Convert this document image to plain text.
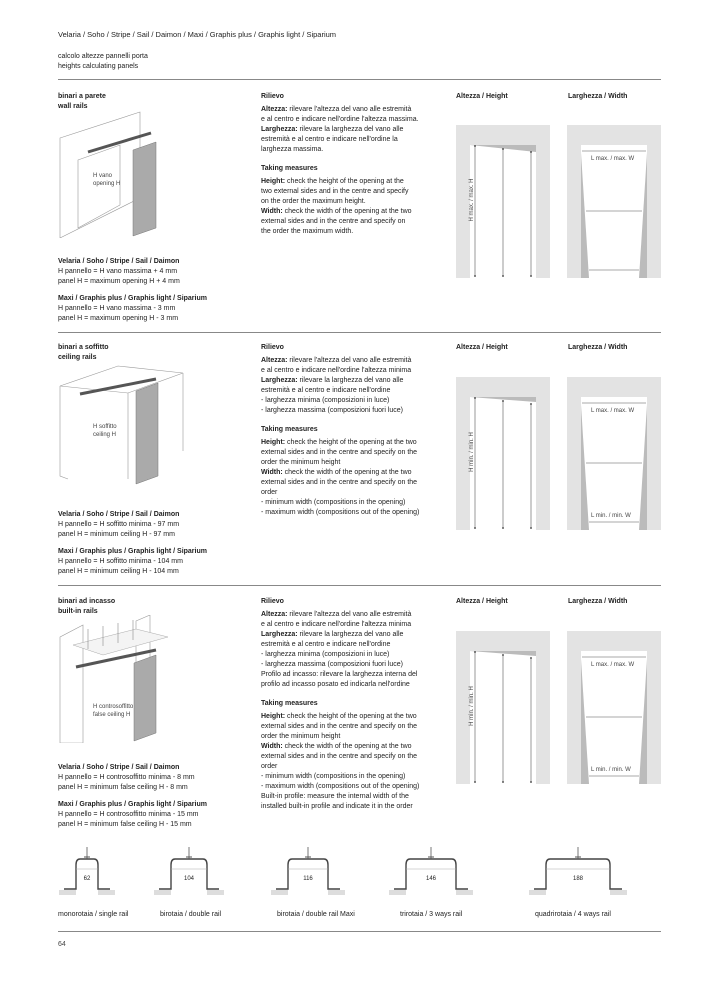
Velaria / Soho / Stripe / Sail / Daimon / Maxi / Graphis plus / Graphis light / Siparium
calcolo altezze pannelli porta
heights calculating panels
binari a parete
wall rails
H vano
opening H
Velaria / Soho / Stripe / Sail / Daimon
H pannello = H vano massima + 4 mm
panel H = maximum opening H + 4 mm
Maxi / Graphis plus / Graphis light / Siparium
H pannello = H vano massima - 3 mm
panel H = maximum opening H - 3 mm
Rilievo
Altezza: rilevare l'altezza del vano alle estremità
e al centro e indicare nell'ordine l'altezza massima.
Larghezza: rilevare la larghezza del vano alle
estremità e al centro e indicare nell'ordine la
larghezza massima.
Taking measures
Height: check the height of the opening at the
two external sides and in the centre and specify
on the order the maximum height.
Width: check the width of the opening at the two
external sides and in the centre and specify on
the order the maximum width.
Altezza / Height	Larghezza / Width
H max. / max. H
L max. / max. W
binari a soffitto
ceiling rails
H soffitto
ceiling H
Velaria / Soho / Stripe / Sail / Daimon
H pannello = H soffitto minima - 97 mm
panel H = minimum ceiling H - 97 mm
Maxi / Graphis plus / Graphis light / Siparium
H pannello = H soffitto minima - 104 mm
panel H = minimum ceiling H - 104 mm
Rilievo
Altezza: rilevare l'altezza del vano alle estremità
e al centro e indicare nell'ordine l'altezza minima
Larghezza: rilevare la larghezza del vano alle
estremità e al centro e indicare nell'ordine
- larghezza minima (composizioni in luce)
- larghezza massima (composizioni fuori luce)
Taking measures
Height: check the height of the opening at the two
external sides and in the centre and specify on the
order the minimum height
Width: check the width of the opening at the two
external sides and in the centre and specify on the
order
- minimum width (compositions in the opening)
- maximum width (compositions out of the opening)
Altezza / Height	Larghezza / Width
H min. / min. H
L max. / max. W
L min. / min. W
binari ad incasso
built-in rails
H controsoffitto
false ceiling H
Velaria / Soho / Stripe / Sail / Daimon
H pannello = H controsoffitto minima - 8 mm
panel H = minimum false ceiling H - 8 mm
Maxi / Graphis plus / Graphis light / Siparium
H pannello = H controsoffitto minima - 15 mm
panel H = minimum false ceiling H - 15 mm
Rilievo
Altezza: rilevare l'altezza del vano alle estremità
e al centro e indicare nell'ordine l'altezza minima
Larghezza: rilevare la larghezza del vano alle
estremità e al centro e indicare nell'ordine
- larghezza minima (composizioni in luce)
- larghezza massima (composizioni fuori luce)
Profilo ad incasso: rilevare la larghezza interna del
profilo ad incasso posato ed indicarla nell'ordine
Taking measures
Height: check the height of the opening at the two
external sides and in the centre and specify on the
order the minimum height
Width: check the width of the opening at the two
external sides and in the centre and specify on the
order
- minimum width (compositions in the opening)
- maximum width (compositions out of the opening)
Built-in profile: measure the internal width of the
installed built-in profile and indicate it in the order
Altezza / Height	Larghezza / Width
H min. / min. H
L max. / max. W
L min. / min. W
monorotaia / single rail	birotaia / double rail	birotaia / double rail Maxi	trirotaia / 3 ways rail	quadrirotaia / 4 ways rail
64
62	104	116	146	188
